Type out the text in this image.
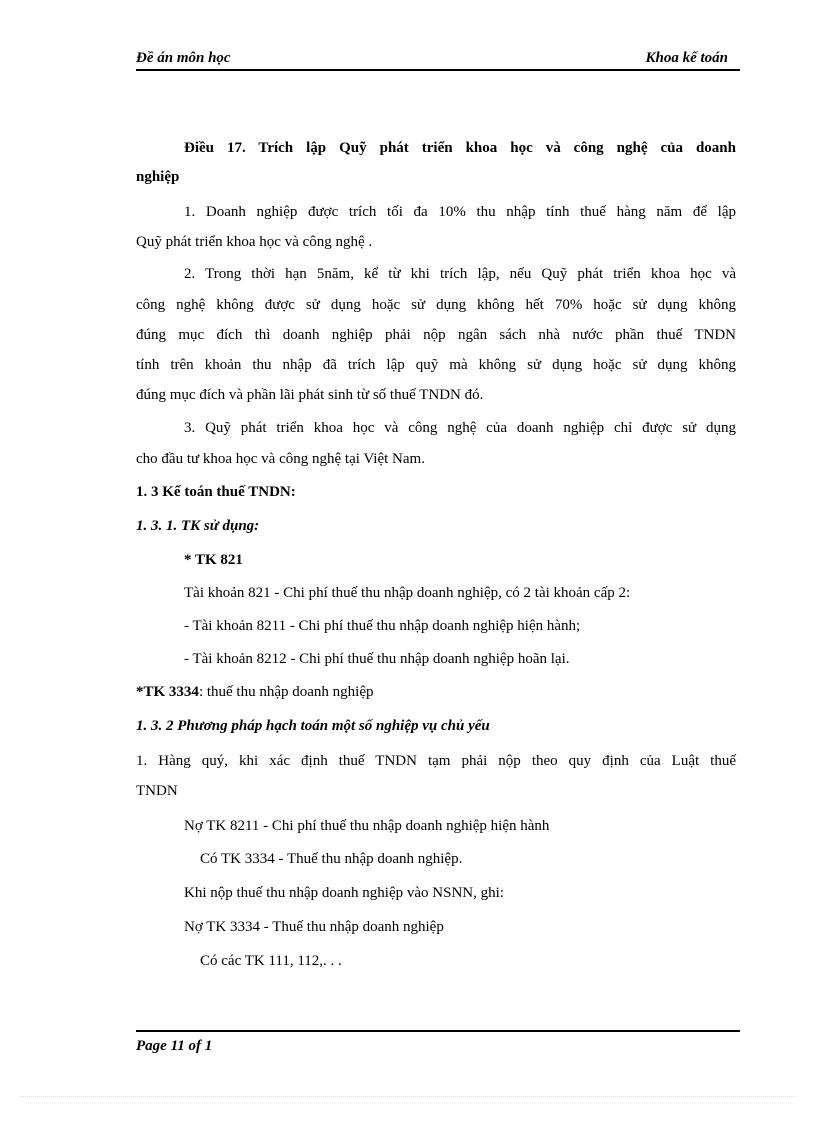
Đề án môn học	Khoa kế toán
Điều 17. Trích lập Quỹ phát triển khoa học và công nghệ của doanh
nghiệp
1. Doanh nghiệp được trích tối đa 10% thu nhập tính thuế hàng năm để lập
Quỹ phát triển khoa học và công nghệ .
2. Trong thời hạn 5năm, kể từ khi trích lập, nếu Quỹ phát triển khoa học và
công nghệ không được sử dụng hoặc sử dụng không hết 70% hoặc sử dụng không
đúng mục đích thì doanh nghiệp phải nộp ngân sách nhà nước phần thuế TNDN
tính trên khoản thu nhập đã trích lập quỹ mà không sử dụng hoặc sử dụng không
đúng mục đích và phần lãi phát sinh từ số thuế TNDN đó.
3. Quỹ phát triển khoa học và công nghệ của doanh nghiệp chỉ được sử dụng
cho đầu tư khoa học và công nghệ tại Việt Nam.
1. 3 Kế toán thuế TNDN:
1. 3. 1. TK sử dụng:
* TK 821
Tài khoản 821 - Chi phí thuế thu nhập doanh nghiệp, có 2 tài khoản cấp 2:
- Tài khoản 8211 - Chi phí thuế thu nhập doanh nghiệp hiện hành;
- Tài khoản 8212 - Chi phí thuế thu nhập doanh nghiệp hoãn lại.
*TK 3334: thuế thu nhập doanh nghiệp
1. 3. 2 Phương pháp hạch toán một số nghiệp vụ chủ yếu
1. Hàng quý, khi xác định thuế TNDN tạm phải nộp theo quy định của Luật thuế
TNDN
Nợ TK 8211 - Chi phí thuế thu nhập doanh nghiệp hiện hành
Có TK 3334 - Thuế thu nhập doanh nghiệp.
Khi nộp thuế thu nhập doanh nghiệp vào NSNN, ghi:
Nợ TK 3334 - Thuế thu nhập doanh nghiệp
Có các TK 111, 112,. . .
Page 11 of 1
